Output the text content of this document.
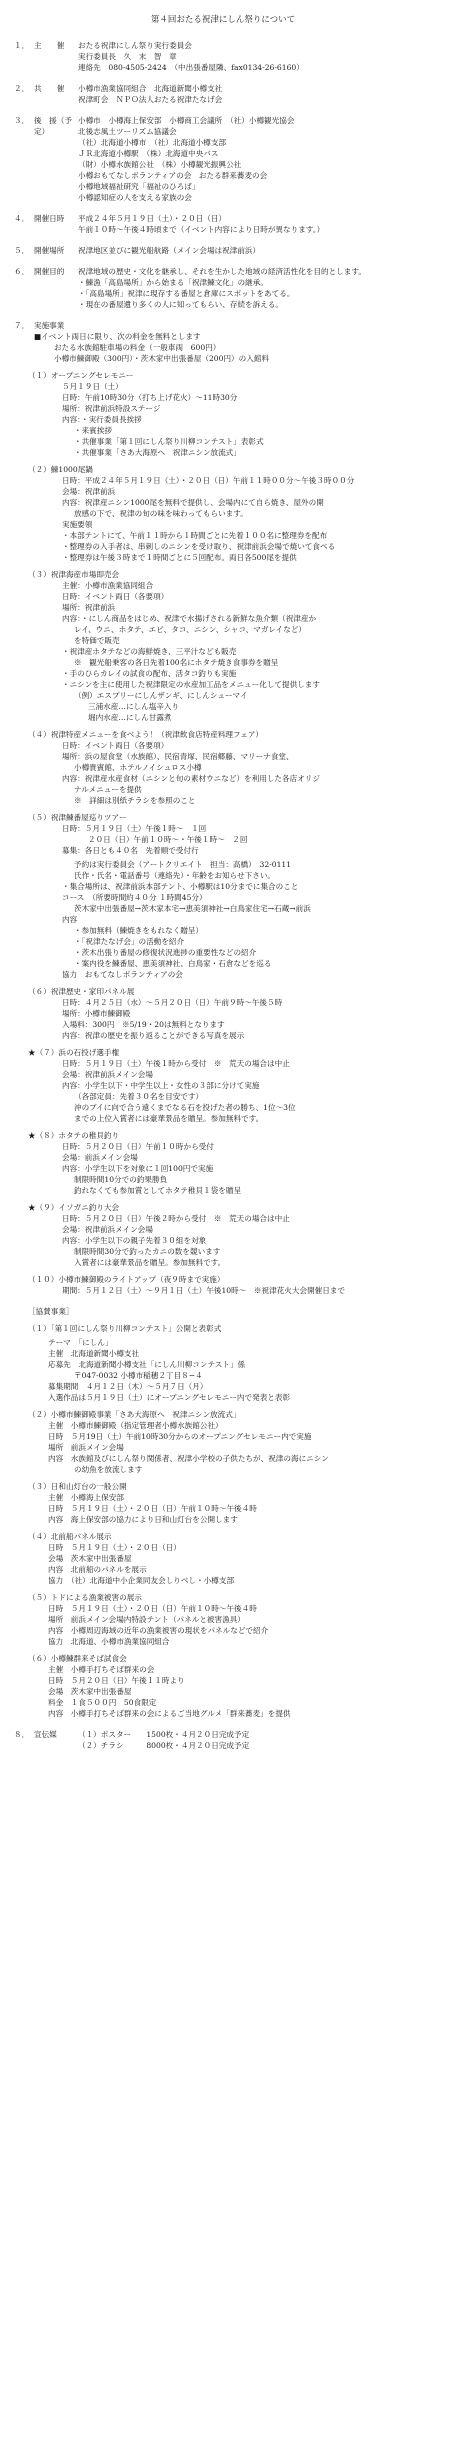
第４回おたる祝津にしん祭りについて
１． 主　　催	おたる祝津にしん祭り実行委員会
実行委員長　久　末　智　章
連絡先　080-4505-2424　（中出張番屋隣、fax0134-26-6160）
２． 共　　催	小樽市漁業協同組合　北海道新聞小樽支社
祝津町会　ＮＰＯ法人おたる祝津たなげ会
３． 後　援（予定）
小樽市　小樽海上保安部　小樽商工会議所　（社）小樽観光協会
北後志風土ツーリズム協議会
（社）北海道小樽市　（社）北海道小樽支部
ＪＲ北海道小樽駅　（株）北海道中央バス
（財）小樽水族館公社　（株）小樽観光振興公社
小樽おもてなしボランティアの会　おたる群来蕎麦の会
小樽地域福祉研究「福祉のひろば」
小樽認知症の人を支える家族の会
４． 開催日時	平成２４年５月１９日（土）・２０日（日）
午前１０時〜午後４時頃まで（イベント内容により日時が異なります。）
５． 開催場所	祝津地区並びに観光船航路（メイン会場は祝津前浜）
６． 開催目的	祝津地域の歴史・文化を継承し、それを生かした地域の経済活性化を目的とします。
・鰊漁「高島場所」から始まる「祝津鰊文化」の継承。
・「高島場所」祝津に現存する番屋と倉庫にスポットをあてる。
・現在の番屋遺り多くの人に知ってもらい、存続を訴える。
７． 実施事業
■イベント両日に限り、次の料金を無料とします
おたる水族館駐車場の料金（一般車両　600円）
小樽市鰊御殿（300円）・茨木家中出張番屋（200円）の入館料
（１）オープニングセレモニー
５月１９日（土）
日時：午前10時30分（打ち上げ花火）〜11時30分
場所：祝津前浜特設ステージ
内容：・実行委員長挨拶
・来賓挨拶
・共催事業「第１回にしん祭り川柳コンテスト」表彰式
・共催事業「さあ大海原へ　祝津ニシン放流式」
（２）鰊1000尾鍋
日時：平成２４年５月１９日（土）・２０日（日）午前１１時００分〜午後３時００分
会場：祝津前浜
内容：祝津産ニシン1000尾を無料で提供し、会場内にて自ら焼き、屋外の開
放感の下で、祝津の旬の味を味わってもらいます。
実施要領
・本部テントにて、午前１１時から１時間ごとに先着１００名に整理券を配布
・整理券の入手者は、串刺しのニシンを受け取り、祝津前浜会場で焼いて食べる
・整理券は午後３時まで１時間ごとに５回配布。両日各500尾を提供
（３）祝津海産市場即売会
主催：小樽市漁業協同組合
日時：イベント両日（各要項）
場所：祝津前浜
内容：・にしん商品をはじめ、祝津で水揚げされる新鮮な魚介類（祝津産か
レイ、ウニ、ホタテ、エビ、タコ、ニシン、シャコ、マガレイなど）
を特価で販売
・祝津産ホタテなどの海鮮焼き、三平汁なども販売
※　観光船乗客の各日先着100名にホタテ焼き食事券を贈呈
・手のひらカレイの試食の配布、活タコ釣りも実施
・ニシンを主に使用した祝津限定の水産加工品をメニュー化して提供します
（例）エスプリーにしんザンギ、にしんシューマイ
三浦水産…にしん塩辛入り
堀内水産…にしん甘露煮
（４）祝津特産メニューを食べよう！（祝津飲食店特産料理フェア）
日時：イベント両日（各要項）
場所：浜の屋食堂（水族館）、民宿青塚、民宿郷藤、マリーナ食堂、
小樽貴賓館、ホテルノイシュロス小樽
内容：祝津産水産食材（ニシンと旬の素材ウニなど）を利用した各店オリジ
ナルメニューを提供
※　詳細は別紙チラシを参照のこと
（５）祝津鰊番屋巡りツアー
日時：５月１９日（土）午後１時〜　１回
２０日（日）午前１０時〜・午後１時〜　２回
募集：各日とも４０名　先着順で受付行
予約は実行委員会（アートクリエイト　担当：高橋）　32-0111
氏作・氏名・電話番号（連絡先）・年齢をお知らせ下さい。
・集合場所は、祝津前浜本部テント、小樽駅は10分までに集合のこと
コース　（所要時間約４０分 １時間45分）
茨木家中出張番屋→茨木家本宅→恵美須神社→白鳥家住宅→石蔵→前浜
内容
・参加無料（鰊焼きをもれなく贈呈）
・「祝津たなげ会」の活動を紹介
・茨木出張り番屋の修復状況進捗の重要性などの紹介
・案内役を鰊番屋、恵美須神社、白鳥家・石倉などを巡る
協力　おもてなしボランティアの会
（６）祝津歴史・家印パネル展
日時：４月２５日（水）〜５月２０日（日）午前９時〜午後５時
場所：小樽市鰊御殿
入場料：300円　※5/19・20は無料となります
内容：祝津の歴史を振り返ることができる写真を展示
★（７）浜の石投げ選手権
日時：５月１９日（土）午後１時から受付　※　荒天の場合は中止
会場：祝津前浜メイン会場
内容：小学生以下・中学生以上・女性の３部に分けて実施
（各部定員：先着３０名を目安です）
沖のブイに向で合う遠くまでなる石を投げた者の勝ち、1位〜3位
までの上位入賞者には豪華景品を贈呈。参加無料です。
★（８）ホタテの稚貝釣り
日時：５月２０日（日）午前１０時から受付
会場：前浜メイン会場
内容：小学生以下を対象に１回100円で実施
制限時間10分での釣果勝負
釣れなくても参加賞としてホタテ稚貝１袋を贈呈
★（９）イソガニ釣り大会
日時：５月２０日（日）午後２時から受付　※　荒天の場合は中止
会場：祝津前浜メイン会場
内容：小学生以下の親子先着３０組を対象
制限時間30分で釣ったカニの数を競います
入賞者には豪華景品を贈呈。参加無料です。
（１０）小樽市鰊御殿のライトアップ（夜９時まで実施）
期間：５月１２日（土）〜９月１日（土）午後10時〜　※祝津花火大会開催日まで
［協賛事業］
（１）「第１回にしん祭り川柳コンテスト」公開と表彰式
テーマ　「にしん」
主催　北海道新聞小樽支社
応募先　北海道新聞小樽支社「にしん川柳コンテスト」係
〒047-0032 小樽市稲穂２丁目８−４
募集期間　４月１２日（木）〜５月７日（月）
入選作品は５月１９日（土）にオープニングセレモニー内で発表と表彰
（２）小樽市鰊御殿事業「さあ大海原へ　祝津ニシン放流式」
主催　小樽市鰊御殿（指定管理者小樽水族館公社）
日時　５月19日（土）午前10時30分からのオープニングセレモニー内で実施
場所　前浜メイン会場
内容　水族館及びにしん祭り関係者、祝津小学校の子供たちが、祝津の海にニシン
の幼魚を放流します
（３）日和山灯台の一般公開
主催　小樽海上保安部
日時　５月１９日（土）・２０日（日）午前１０時〜午後４時
内容　海上保安部の協力により日和山灯台を公開します
（４）北前船パネル展示
日時　５月１９日（土）・２０日（日）
会場　茨木家中出張番屋
内容　北前船のパネルを展示
協力　（社）北海道中小企業同友会しりべし・小樽支部
（５）トドによる漁業被害の展示
日時　５月１９日（土）・２０日（日）午前１０時〜午後４時
場所　前浜メイン会場内特設テント（パネルと被害漁具）
内容　小樽周辺海域の近年の漁業被害の現状をパネルなどで紹介
協力　北海道、小樽市漁業協同組合
（６）小樽鰊群来そば試食会
主催　小樽手打ちそば群来の会
日時　５月２０日（日）午後１１時より
会場　茨木家中出張番屋
料金　１食５００円　50食限定
内容　小樽手打ちそば群来の会によるご当地グルメ「群来蕎麦」を提供
８． 宣伝媒	（１）ポスター　　1500枚・４月２０日完成予定
（２）チラシ　　　8000枚・４月２０日完成予定
